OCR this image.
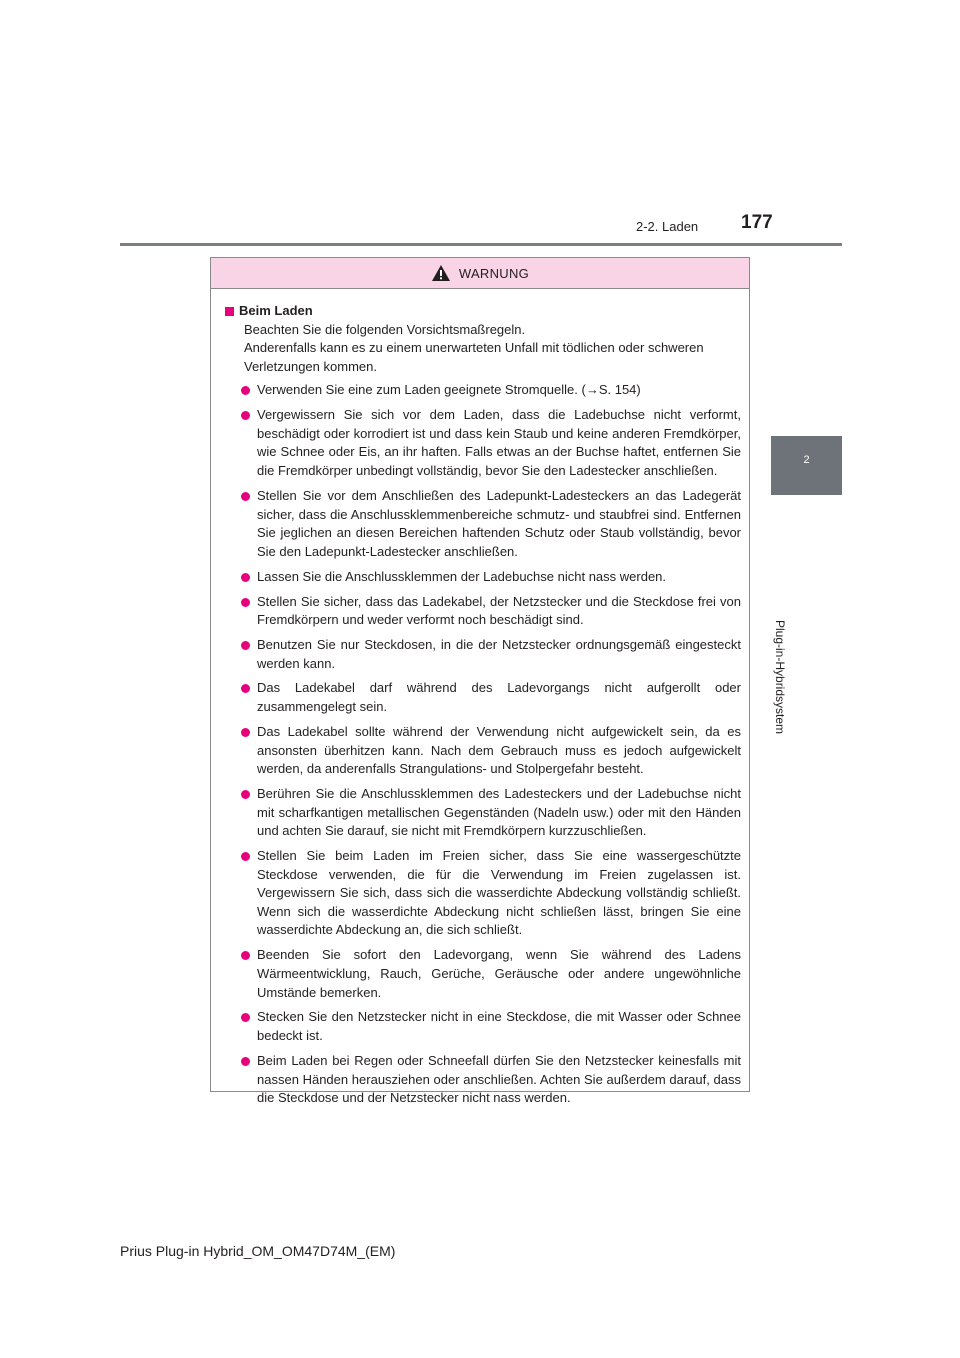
2-2. Laden 177
2
Plug-in-Hybridsystem
WARNUNG
Beim Laden

Beachten Sie die folgenden Vorsichtsmaßregeln.

Anderenfalls kann es zu einem unerwarteten Unfall mit tödlichen oder schweren Verletzungen kommen.

Verwenden Sie eine zum Laden geeignete Stromquelle. (→S. 154)
Vergewissern Sie sich vor dem Laden, dass die Ladebuchse nicht verformt, beschädigt oder korrodiert ist und dass kein Staub und keine anderen Fremdkörper, wie Schnee oder Eis, an ihr haften. Falls etwas an der Buchse haftet, entfernen Sie die Fremdkörper unbedingt vollständig, bevor Sie den Ladestecker anschließen.
Stellen Sie vor dem Anschließen des Ladepunkt-Ladesteckers an das Ladegerät sicher, dass die Anschlussklemmenbereiche schmutz- und staubfrei sind. Entfernen Sie jeglichen an diesen Bereichen haftenden Schutz oder Staub vollständig, bevor Sie den Ladepunkt-Ladestecker anschließen.
Lassen Sie die Anschlussklemmen der Ladebuchse nicht nass werden.
Stellen Sie sicher, dass das Ladekabel, der Netzstecker und die Steckdose frei von Fremdkörpern und weder verformt noch beschädigt sind.
Benutzen Sie nur Steckdosen, in die der Netzstecker ordnungsgemäß eingesteckt werden kann.
Das Ladekabel darf während des Ladevorgangs nicht aufgerollt oder zusammengelegt sein.
Das Ladekabel sollte während der Verwendung nicht aufgewickelt sein, da es ansonsten überhitzen kann. Nach dem Gebrauch muss es jedoch aufgewickelt werden, da anderenfalls Strangulations- und Stolpergefahr besteht.
Berühren Sie die Anschlussklemmen des Ladesteckers und der Ladebuchse nicht mit scharfkantigen metallischen Gegenständen (Nadeln usw.) oder mit den Händen und achten Sie darauf, sie nicht mit Fremdkörpern kurzzuschließen.
Stellen Sie beim Laden im Freien sicher, dass Sie eine wassergeschützte Steckdose verwenden, die für die Verwendung im Freien zugelassen ist. Vergewissern Sie sich, dass sich die wasserdichte Abdeckung vollständig schließt. Wenn sich die wasserdichte Abdeckung nicht schließen lässt, bringen Sie eine wasserdichte Abdeckung an, die sich schließt.
Beenden Sie sofort den Ladevorgang, wenn Sie während des Ladens Wärmeentwicklung, Rauch, Gerüche, Geräusche oder andere ungewöhnliche Umstände bemerken.
Stecken Sie den Netzstecker nicht in eine Steckdose, die mit Wasser oder Schnee bedeckt ist.
Beim Laden bei Regen oder Schneefall dürfen Sie den Netzstecker keinesfalls mit nassen Händen herausziehen oder anschließen. Achten Sie außerdem darauf, dass die Steckdose und der Netzstecker nicht nass werden.
Prius Plug-in Hybrid_OM_OM47D74M_(EM)
